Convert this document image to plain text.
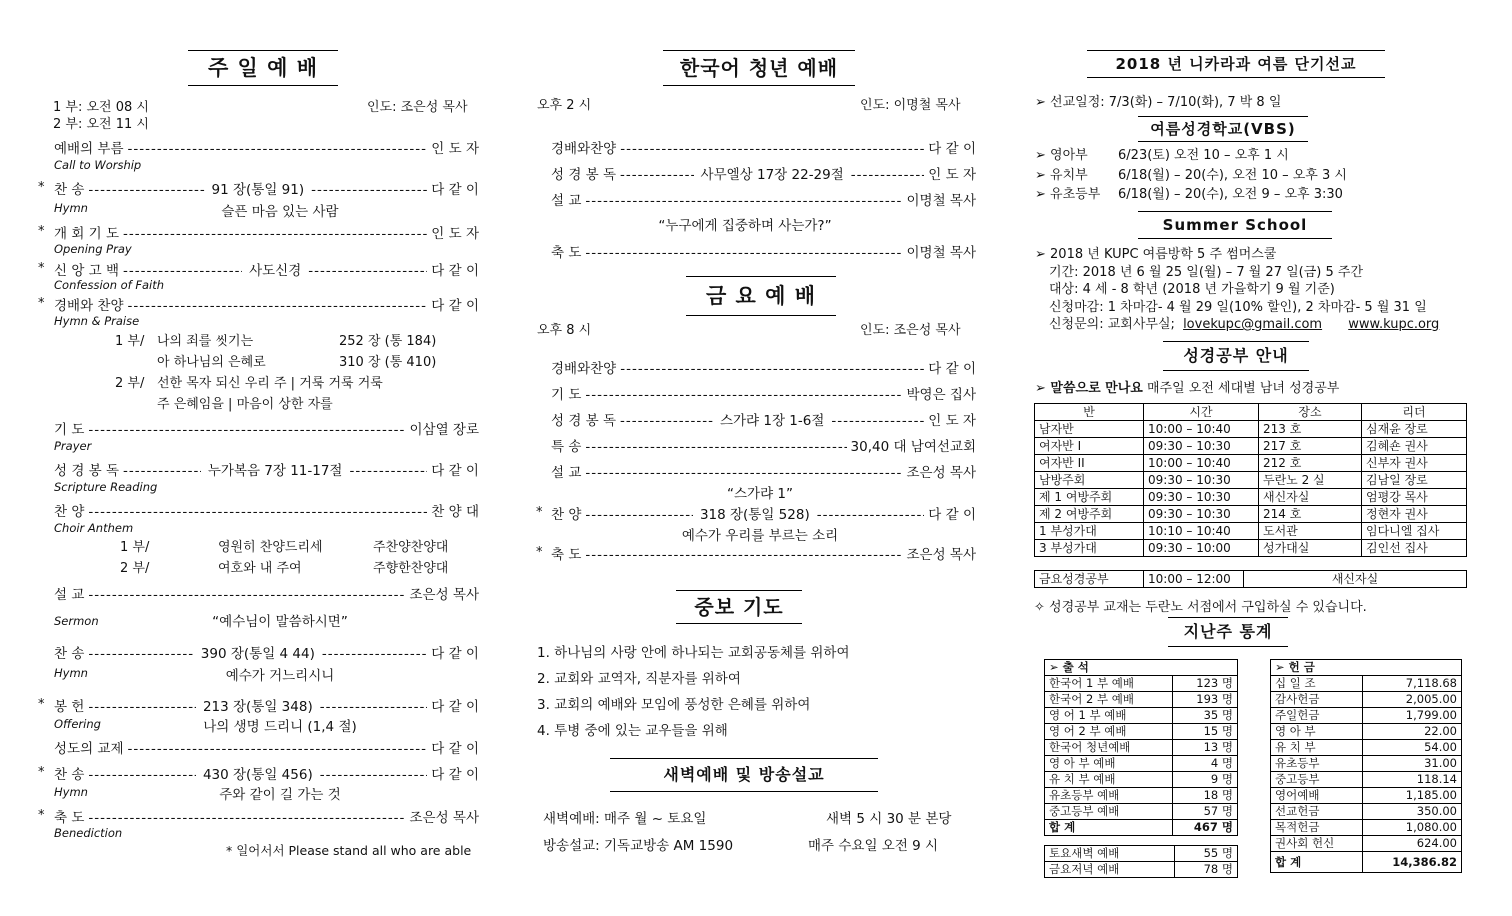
주 일 예 배
1 부: 오전 08 시
2 부: 오전 11 시
인도: 조은성 목사
예배의 부름 -----	인 도 자
Call to Worship
찬 송 -----	91 장(통일 91) -----	다 같 이
*
Hymn	슬픈 마음 있는 사람
개 회 기 도 -----	인 도 자
*
Opening Pray
신 앙 고 백 -----	사도신경 -----	다 같 이
*
Confession of Faith
경배와 찬양 -----	다 같 이
*
Hymn & Praise
기 도 -----	이삼열 장로
Prayer
성 경 봉 독 -----	누가복음 7장 11-17절 -----	다 같 이
Scripture Reading
찬 양 -----	찬 양 대
Choir Anthem
설 교 -----	조은성 목사
Sermon	“예수님이 말씀하시면”
찬 송 -----	390 장(통일 4 44) -----	다 같 이
Hymn	예수가 거느리시니
봉 헌 -----	213 장(통일 348) -----	다 같 이
*
Offering	나의 생명 드리니 (1,4 절)
성도의 교제 -----	다 같 이
찬 송 -----	430 장(통일 456) -----	다 같 이
*
Hymn	주와 같이 길 가는 것
축 도 -----	조은성 목사
*
Benediction
1 부/ 나의 죄를 씻기는	252 장 (통 184)
아 하나님의 은혜로	310 장 (통 410)
2 부/ 선한 목자 되신 우리 주 | 거룩 거룩 거룩
주 은혜임을 | 마음이 상한 자를
1 부/	영원히 찬양드리세	주찬양찬양대
2 부/	여호와 내 주여	주향한찬양대
* 일어서서 Please stand all who are able
한국어 청년 예배
오후 2 시	인도: 이명철 목사
경배와찬양 -----	다 같 이
성 경 봉 독 -----	사무엘상 17장 22-29절 -----	인 도 자
설 교 -----	이명철 목사
축 도 -----	이명철 목사
“누구에게 집중하며 사는가?”
금 요 예 배
오후 8 시	인도: 조은성 목사
경배와찬양 -----	다 같 이
기 도 -----	박영은 집사
성 경 봉 독 -----	스가랴 1장 1-6절 -----	인 도 자
특 송 -----	30,40 대 남여선교회
설 교 -----	조은성 목사
찬 양 -----	318 장(통일 528) -----	다 같 이
*
축 도 -----	조은성 목사
*
“스가랴 1”
예수가 우리를 부르는 소리
중보 기도
1. 하나님의 사랑 안에 하나되는 교회공동체를 위하여
2. 교회와 교역자, 직분자를 위하여
3. 교회의 예배와 모임에 풍성한 은혜를 위하여
4. 투병 중에 있는 교우들을 위해
새벽예배 및 방송설교
새벽예배: 매주 월 ~ 토요일	새벽 5 시 30 분 본당
방송설교: 기독교방송 AM 1590	매주 수요일 오전 9 시
2018 년 니카라과 여름 단기선교
➢ 선교일정: 7/3(화) – 7/10(화), 7 박 8 일
여름성경학교(VBS)
➢ 영아부 6/23(토) 오전 10 – 오후 1 시
➢ 유치부 6/18(월) – 20(수), 오전 10 – 오후 3 시
➢ 유초등부 6/18(월) – 20(수), 오전 9 – 오후 3:30
Summer School
➢ 2018 년 KUPC 여름방학 5 주 썸머스쿨
기간: 2018 년 6 월 25 일(월) – 7 월 27 일(금) 5 주간
대상: 4 세 - 8 학년 (2018 년 가을학기 9 월 기준)
신청마감: 1 차마감- 4 월 29 일(10% 할인), 2 차마감- 5 월 31 일
신청문의: 교회사무실; lovekupc@gmail.com www.kupc.org
성경공부 안내
➢ 말씀으로 만나요 매주일 오전 세대별 남녀 성경공부
반	시간	장소	리더
남자반	10:00 – 10:40	213 호	심재윤 장로
여자반 I	09:30 – 10:30	217 호	김혜숀 권사
여자반 II	10:00 – 10:40	212 호	신부자 권사
남방주회	09:30 – 10:30	두란노 2 실	김남일 장로
제 1 여방주회	09:30 – 10:30	새신자실	엄평강 목사
제 2 여방주회	09:30 – 10:30	214 호	정현자 권사
1 부성가대	10:10 – 10:40	도서관	임다니엘 집사
3 부성가대	09:30 – 10:00	성가대실	김인선 집사
금요성경공부	10:00 – 12:00	새신자실
✧ 성경공부 교재는 두란노 서점에서 구입하실 수 있습니다.
지난주 통계
➢ 출 석	
한국어 1 부 예배	123 명
한국어 2 부 예배	193 명
영 어 1 부 예배	35 명
영 어 2 부 예배	15 명
한국어 청년예배	13 명
영 아 부 예배	4 명
유 치 부 예배	9 명
유초등부 예배	18 명
중고등부 예배	57 명
합 계	467 명
토요새벽 예배	55 명
금요저녁 예배	78 명
➢ 헌 금	
십 일 조	7,118.68
감사헌금	2,005.00
주일헌금	1,799.00
영 아 부	22.00
유 치 부	54.00
유초등부	31.00
중고등부	118.14
영어예배	1,185.00
선교헌금	350.00
목적헌금	1,080.00
권사회 헌신	624.00
합 계	14,386.82
